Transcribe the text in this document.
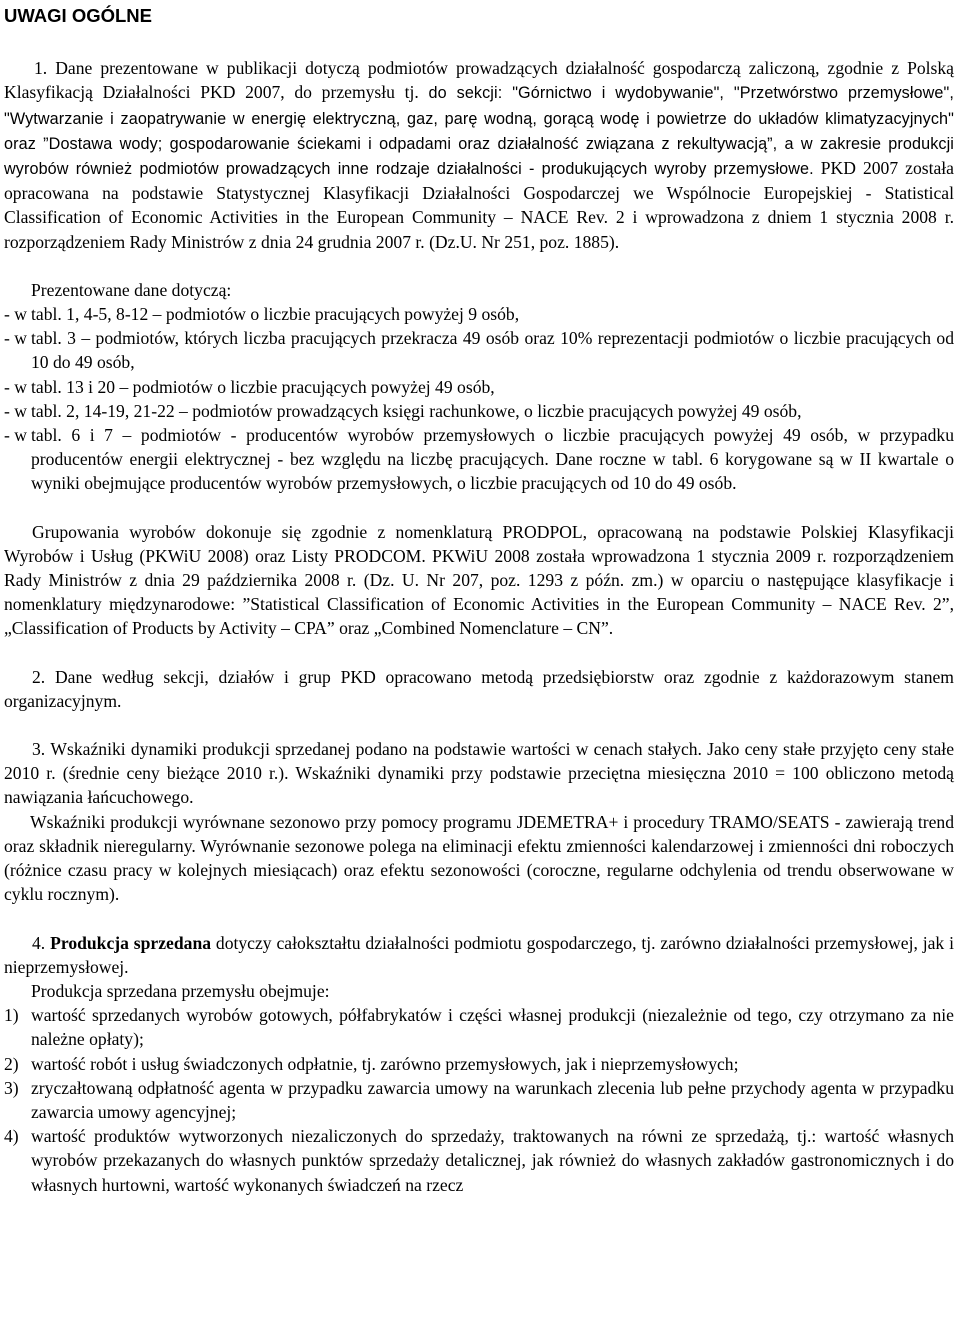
UWAGI OGÓLNE

1. Dane prezentowane w publikacji dotyczą podmiotów prowadzących działalność gospodarczą zaliczoną, zgodnie z Polską Klasyfikacją Działalności PKD 2007, do przemysłu tj. do sekcji: "Górnictwo i wydobywanie", "Przetwórstwo przemysłowe", "Wytwarzanie i zaopatrywanie w energię elektryczną, gaz, parę wodną, gorącą wodę i powietrze do układów klimatyzacyjnych" oraz ”Dostawa wody; gospodarowanie ściekami i odpadami oraz działalność związana z rekultywacją”, a w zakresie produkcji wyrobów również podmiotów prowadzących inne rodzaje działalności - produkujących wyroby przemysłowe. PKD 2007 została opracowana na podstawie Statystycznej Klasyfikacji Działalności Gospodarczej we Wspólnocie Europejskiej - Statistical Classification of Economic Activities in the European Community – NACE Rev. 2 i wprowadzona z dniem 1 stycznia 2008 r. rozporządzeniem Rady Ministrów z dnia 24 grudnia 2007 r. (Dz.U. Nr 251, poz. 1885).

Prezentowane dane dotyczą:

- w tabl. 1, 4-5, 8-12 – podmiotów o liczbie pracujących powyżej 9 osób,
- w tabl. 3 – podmiotów, których liczba pracujących przekracza 49 osób oraz 10% reprezentacji podmiotów o liczbie pracujących od 10 do 49 osób,
- w tabl. 13 i 20 – podmiotów o liczbie pracujących powyżej 49 osób,
- w tabl. 2, 14-19, 21-22 – podmiotów prowadzących księgi rachunkowe, o liczbie pracujących powyżej 49 osób,
- w tabl. 6 i 7 – podmiotów - producentów wyrobów przemysłowych o liczbie pracujących powyżej 49 osób, w przypadku producentów energii elektrycznej - bez względu na liczbę pracujących. Dane roczne w tabl. 6 korygowane są w II kwartale o wyniki obejmujące producentów wyrobów przemysłowych, o liczbie pracujących od 10 do 49 osób.

Grupowania wyrobów dokonuje się zgodnie z nomenklaturą PRODPOL, opracowaną na podstawie Polskiej Klasyfikacji Wyrobów i Usług (PKWiU 2008) oraz Listy PRODCOM. PKWiU 2008 została wprowadzona 1 stycznia 2009 r. rozporządzeniem Rady Ministrów z dnia 29 października 2008 r. (Dz. U. Nr 207, poz. 1293 z późn. zm.) w oparciu o następujące klasyfikacje i nomenklatury międzynarodowe: ”Statistical Classification of Economic Activities in the European Community – NACE Rev. 2”, „Classification of Products by Activity – CPA” oraz „Combined Nomenclature – CN”.

2. Dane według sekcji, działów i grup PKD opracowano metodą przedsiębiorstw oraz zgodnie z każdorazowym stanem organizacyjnym.

3. Wskaźniki dynamiki produkcji sprzedanej podano na podstawie wartości w cenach stałych. Jako ceny stałe przyjęto ceny stałe 2010 r. (średnie ceny bieżące 2010 r.). Wskaźniki dynamiki przy podstawie przeciętna miesięczna 2010 = 100 obliczono metodą nawiązania łańcuchowego.

Wskaźniki produkcji wyrównane sezonowo przy pomocy programu JDEMETRA+ i procedury TRAMO/SEATS - zawierają trend oraz składnik nieregularny. Wyrównanie sezonowe polega na eliminacji efektu zmienności kalendarzowej i zmienności dni roboczych (różnice czasu pracy w kolejnych miesiącach) oraz efektu sezonowości (coroczne, regularne odchylenia od trendu obserwowane w cyklu rocznym).

4. Produkcja sprzedana dotyczy całokształtu działalności podmiotu gospodarczego, tj. zarówno działalności przemysłowej, jak i nieprzemysłowej.

Produkcja sprzedana przemysłu obejmuje:

1) wartość sprzedanych wyrobów gotowych, półfabrykatów i części własnej produkcji (niezależnie od tego, czy otrzymano za nie należne opłaty);
2) wartość robót i usług świadczonych odpłatnie, tj. zarówno przemysłowych, jak i nieprzemysłowych;
3) zryczałtowaną odpłatność agenta w przypadku zawarcia umowy na warunkach zlecenia lub pełne przychody agenta w przypadku zawarcia umowy agencyjnej;
4) wartość produktów wytworzonych niezaliczonych do sprzedaży, traktowanych na równi ze sprzedażą, tj.: wartość własnych wyrobów przekazanych do własnych punktów sprzedaży detalicznej, jak również do własnych zakładów gastronomicznych i do własnych hurtowni, wartość wykonanych świadczeń na rzecz
